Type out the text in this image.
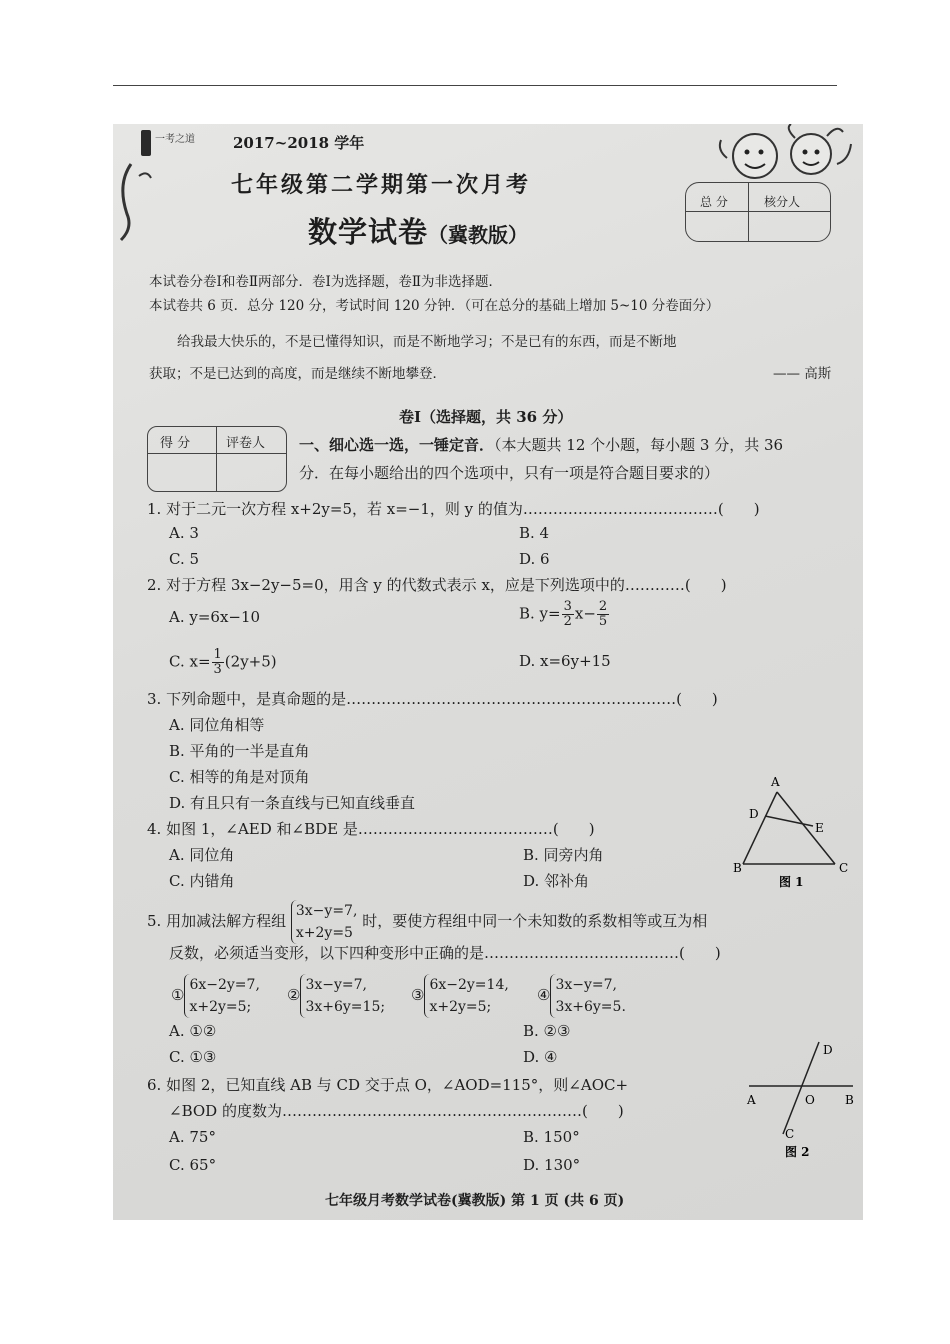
一考之道	2017~2018 学年
七年级第二学期第一次月考
数学试卷（冀教版）
总 分	核分人
本试卷分卷Ⅰ和卷Ⅱ两部分．卷Ⅰ为选择题，卷Ⅱ为非选择题．
本试卷共 6 页．总分 120 分，考试时间 120 分钟．（可在总分的基础上增加 5~10 分卷面分）
给我最大快乐的，不是已懂得知识，而是不断地学习；不是已有的东西，而是不断地
获取；不是已达到的高度，而是继续不断地攀登．	—— 高斯
卷Ⅰ（选择题，共 36 分）
得 分	评卷人 一、细心选一选，一锤定音．（本大题共 12 个小题，每小题 3 分，共 36
分．在每小题给出的四个选项中，只有一项是符合题目要求的）
1. 对于二元一次方程 x+2y=5，若 x=−1，则 y 的值为…………………………………(　　)
A. 3	B. 4
C. 5	D. 6
2. 对于方程 3x−2y−5=0，用含 y 的代数式表示 x，应是下列选项中的…………(　　)
A. y=6x−10	B. $y= \frac{3}{2} x- \frac{2}{5}$
C. $x= \frac{1}{3} (2y+5)$	D. x=6y+15
3. 下列命题中，是真命题的是…………………………………………………………(　　)
A. 同位角相等
B. 平角的一半是直角
C. 相等的角是对顶角
D. 有且只有一条直线与已知直线垂直
4. 如图 1，∠AED 和∠BDE 是…………………………………(　　)
A. 同位角	B. 同旁内角
C. 内错角	D. 邻补角
A
D
E
B	C
图 1
5. 用加减法解方程组
3x−y=7,
x+2y=5
时，要使方程组中同一个未知数的系数相等或互为相
反数，必须适当变形，以下四种变形中正确的是…………………………………(　　)
①
6x−2y=7,
x+2y=5;
②
3x−y=7,
3x+6y=15;
③
6x−2y=14,
x+2y=5;
④
3x−y=7,
3x+6y=5.
A. ①②	B. ②③
C. ①③	D. ④
6. 如图 2，已知直线 AB 与 CD 交于点 O，∠AOD=115°，则∠AOC+
∠BOD 的度数为……………………………………………………(　　)
A. 75°	B. 150°
C. 65°	D. 130°
D
A	O	B
C
图 2
七年级月考数学试卷(冀教版) 第 1 页 (共 6 页)
